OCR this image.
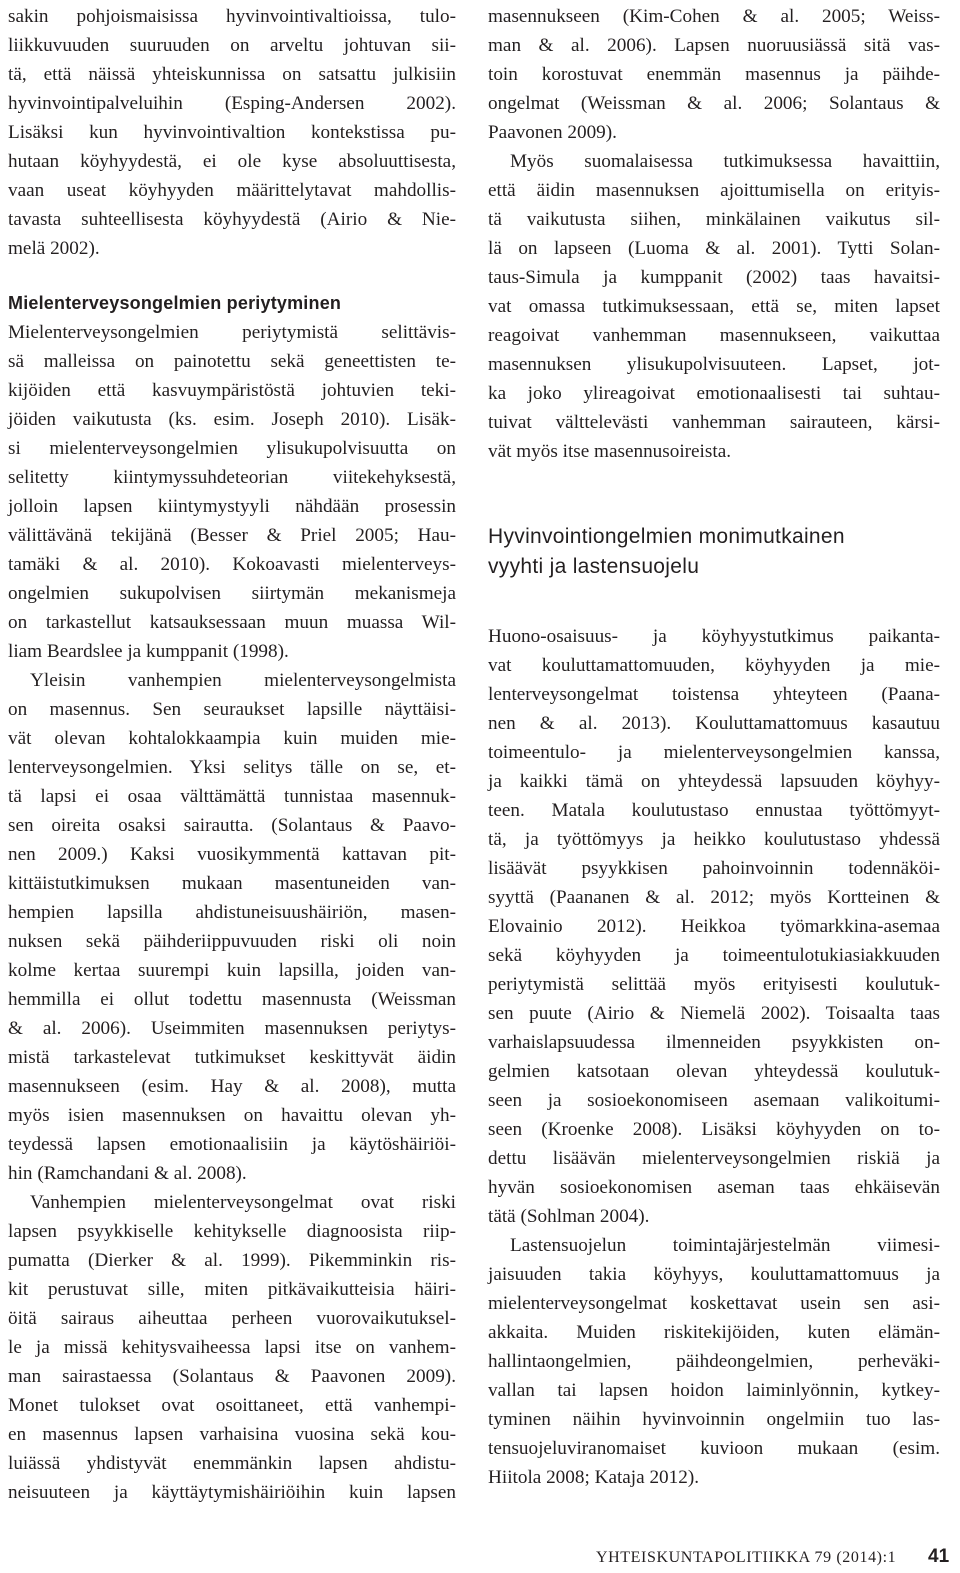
sakin pohjoismaisissa hyvinvointivaltioissa, tulo-
liikkuvuuden suuruuden on arveltu johtuvan sii-
tä, että näissä yhteiskunnissa on satsattu julkisiin
hyvinvointipalveluihin (Esping-Andersen 2002).
Lisäksi kun hyvinvointivaltion kontekstissa pu-
hutaan köyhyydestä, ei ole kyse absoluuttisesta,
vaan useat köyhyyden määrittelytavat mahdollis-
tavasta suhteellisesta köyhyydestä (Airio & Nie-
melä 2002).
Mielenterveysongelmien periytyminen
Mielenterveysongelmien periytymistä selittävis-
sä malleissa on painotettu sekä geneettisten te-
kijöiden että kasvuympäristöstä johtuvien teki-
jöiden vaikutusta (ks. esim. Joseph 2010). Lisäk-
si mielenterveysongelmien ylisukupolvisuutta on
selitetty kiintymyssuhdeteorian viitekehyksestä,
jolloin lapsen kiintymystyyli nähdään prosessin
välittävänä tekijänä (Besser & Priel 2005; Hau-
tamäki & al. 2010). Kokoavasti mielenterveys-
ongelmien sukupolvisen siirtymän mekanismeja
on tarkastellut katsauksessaan muun muassa Wil-
liam Beardslee ja kumppanit (1998).
Yleisin vanhempien mielenterveysongelmista
on masennus. Sen seuraukset lapsille näyttäisi-
vät olevan kohtalokkaampia kuin muiden mie-
lenterveysongelmien. Yksi selitys tälle on se, et-
tä lapsi ei osaa välttämättä tunnistaa masennuk-
sen oireita osaksi sairautta. (Solantaus & Paavo-
nen 2009.) Kaksi vuosikymmentä kattavan pit-
kittäistutkimuksen mukaan masentuneiden van-
hempien lapsilla ahdistuneisuushäiriön, masen-
nuksen sekä päihderiippuvuuden riski oli noin
kolme kertaa suurempi kuin lapsilla, joiden van-
hemmilla ei ollut todettu masennusta (Weissman
& al. 2006). Useimmiten masennuksen periytys-
mistä tarkastelevat tutkimukset keskittyvät äidin
masennukseen (esim. Hay & al. 2008), mutta
myös isien masennuksen on havaittu olevan yh-
teydessä lapsen emotionaalisiin ja käytöshäiriöi-
hin (Ramchandani & al. 2008).
Vanhempien mielenterveysongelmat ovat riski
lapsen psyykkiselle kehitykselle diagnoosista riip-
pumatta (Dierker & al. 1999). Pikemminkin ris-
kit perustuvat sille, miten pitkävaikutteisia häiri-
öitä sairaus aiheuttaa perheen vuorovaikutuksel-
le ja missä kehitysvaiheessa lapsi itse on vanhem-
man sairastaessa (Solantaus & Paavonen 2009).
Monet tulokset ovat osoittaneet, että vanhempi-
en masennus lapsen varhaisina vuosina sekä kou-
luiässä yhdistyvät enemmänkin lapsen ahdistu-
neisuuteen ja käyttäytymishäiriöihin kuin lapsen
masennukseen (Kim-Cohen & al. 2005; Weiss-
man & al. 2006). Lapsen nuoruusiässä sitä vas-
toin korostuvat enemmän masennus ja päihde-
ongelmat (Weissman & al. 2006; Solantaus &
Paavonen 2009).
Myös suomalaisessa tutkimuksessa havaittiin,
että äidin masennuksen ajoittumisella on erityis-
tä vaikutusta siihen, minkälainen vaikutus sil-
lä on lapseen (Luoma & al. 2001). Tytti Solan-
taus-Simula ja kumppanit (2002) taas havaitsi-
vat omassa tutkimuksessaan, että se, miten lapset
reagoivat vanhemman masennukseen, vaikuttaa
masennuksen ylisukupolvisuuteen. Lapset, jot-
ka joko ylireagoivat emotionaalisesti tai suhtau-
tuivat välttelevästi vanhemman sairauteen, kärsi-
vät myös itse masennusoireista.
Hyvinvointiongelmien monimutkainen
vyyhti ja lastensuojelu
Huono-osaisuus- ja köyhyystutkimus paikanta-
vat kouluttamattomuuden, köyhyyden ja mie-
lenterveysongelmat toistensa yhteyteen (Paana-
nen & al. 2013). Kouluttamattomuus kasautuu
toimeentulo- ja mielenterveysongelmien kanssa,
ja kaikki tämä on yhteydessä lapsuuden köyhyy-
teen. Matala koulutustaso ennustaa työttömyyt-
tä, ja työttömyys ja heikko koulutustaso yhdessä
lisäävät psyykkisen pahoinvoinnin todennäköi-
syyttä (Paananen & al. 2012; myös Kortteinen &
Elovainio 2012). Heikkoa työmarkkina-asemaa
sekä köyhyyden ja toimeentulotukiasiakkuuden
periytymistä selittää myös erityisesti koulutuk-
sen puute (Airio & Niemelä 2002). Toisaalta taas
varhaislapsuudessa ilmenneiden psyykkisten on-
gelmien katsotaan olevan yhteydessä koulutuk-
seen ja sosioekonomiseen asemaan valikoitumi-
seen (Kroenke 2008). Lisäksi köyhyyden on to-
dettu lisäävän mielenterveysongelmien riskiä ja
hyvän sosioekonomisen aseman taas ehkäisevän
tätä (Sohlman 2004).
Lastensuojelun toimintajärjestelmän viimesi-
jaisuuden takia köyhyys, kouluttamattomuus ja
mielenterveysongelmat koskettavat usein sen asi-
akkaita. Muiden riskitekijöiden, kuten elämän-
hallintaongelmien, päihdeongelmien, perheväki-
vallan tai lapsen hoidon laiminlyönnin, kytkey-
tyminen näihin hyvinvoinnin ongelmiin tuo las-
tensuojeluviranomaiset kuvioon mukaan (esim.
Hiitola 2008; Kataja 2012).
YHTEISKUNTAPOLITIIKKA 79 (2014):1 41
